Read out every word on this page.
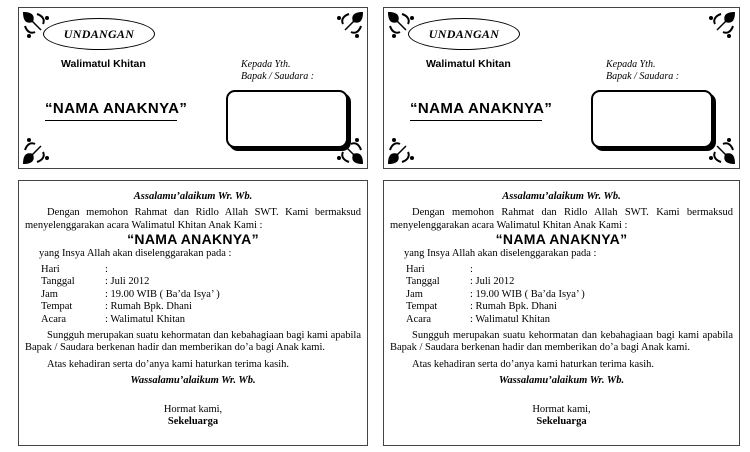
UNDANGAN
Walimatul Khitan	Kepada Yth.
Bapak / Saudara :
“NAMA ANAKNYA”
UNDANGAN
Walimatul Khitan	Kepada Yth.
Bapak / Saudara :
“NAMA ANAKNYA”
Assalamu’alaikum Wr. Wb.
Dengan memohon Rahmat dan Ridlo Allah SWT. Kami bermaksud menyelenggarakan acara Walimatul Khitan Anak Kami :
“NAMA ANAKNYA”
yang Insya Allah akan diselenggarakan pada :
Hari	:
Tanggal	: Juli 2012
Jam	: 19.00 WIB ( Ba’da Isya’ )
Tempat	: Rumah Bpk. Dhani
Acara	: Walimatul Khitan
Sungguh merupakan suatu kehormatan dan kebahagiaan bagi kami apabila Bapak / Saudara berkenan hadir dan memberikan do’a bagi Anak kami.
Atas kehadiran serta do’anya kami haturkan terima kasih.
Wassalamu’alaikum Wr. Wb.
Hormat kami,
Sekeluarga
Assalamu’alaikum Wr. Wb.
Dengan memohon Rahmat dan Ridlo Allah SWT. Kami bermaksud menyelenggarakan acara Walimatul Khitan Anak Kami :
“NAMA ANAKNYA”
yang Insya Allah akan diselenggarakan pada :
Hari	:
Tanggal	: Juli 2012
Jam	: 19.00 WIB ( Ba’da Isya’ )
Tempat	: Rumah Bpk. Dhani
Acara	: Walimatul Khitan
Sungguh merupakan suatu kehormatan dan kebahagiaan bagi kami apabila Bapak / Saudara berkenan hadir dan memberikan do’a bagi Anak kami.
Atas kehadiran serta do’anya kami haturkan terima kasih.
Wassalamu’alaikum Wr. Wb.
Hormat kami,
Sekeluarga
